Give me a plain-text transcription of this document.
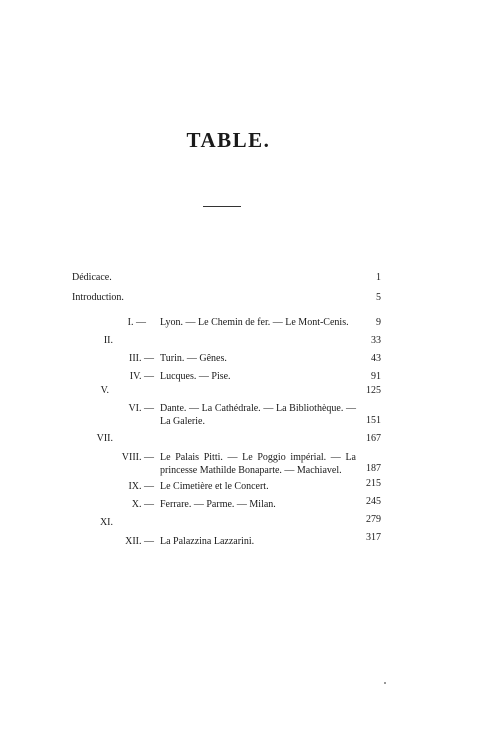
TABLE.
Dédicace.	1
Introduction.	5
I. — Lyon. — Le Chemin de fer. — Le Mont-Cenis.	9
II.	33
III. — Turin. — Gênes.	43
IV. — Lucques. — Pise.	91
V.	125
VI. — Dante. — La Cathédrale. — La Bibliothèque. — La Galerie.	151
VII.	167
VIII. — Le Palais Pitti. — Le Poggio impérial. — La princesse Mathilde Bonaparte. — Machiavel.	187
IX. — Le Cimetière et le Concert.	215
X. — Ferrare. — Parme. — Milan.	245
XI.	279
XII. — La Palazzina Lazzarini.	317
